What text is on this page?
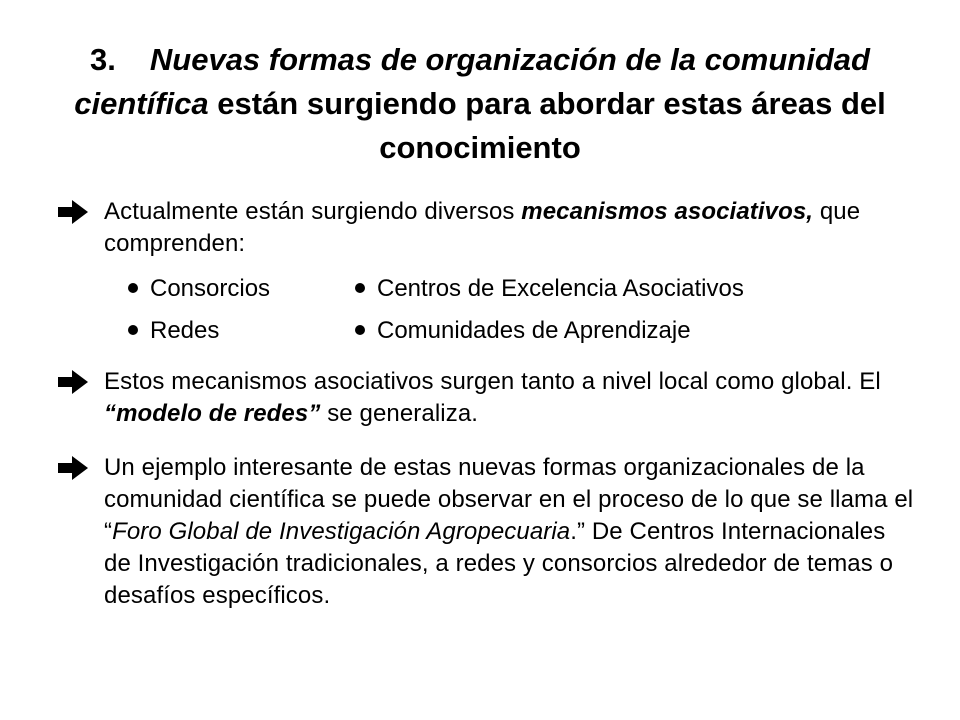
3. Nuevas formas de organización de la comunidad científica están surgiendo para abordar estas áreas del conocimiento
Actualmente están surgiendo diversos mecanismos asociativos, que comprenden:
Consorcios	Centros de Excelencia Asociativos
Redes	Comunidades de Aprendizaje
Estos mecanismos asociativos surgen tanto a nivel local como global. El “modelo de redes” se generaliza.
Un ejemplo interesante de estas nuevas formas organizacionales de la comunidad científica se puede observar en el proceso de lo que se llama el “Foro Global de Investigación Agropecuaria.” De Centros Internacionales de Investigación tradicionales, a redes y consorcios alrededor de temas o desafíos específicos.
